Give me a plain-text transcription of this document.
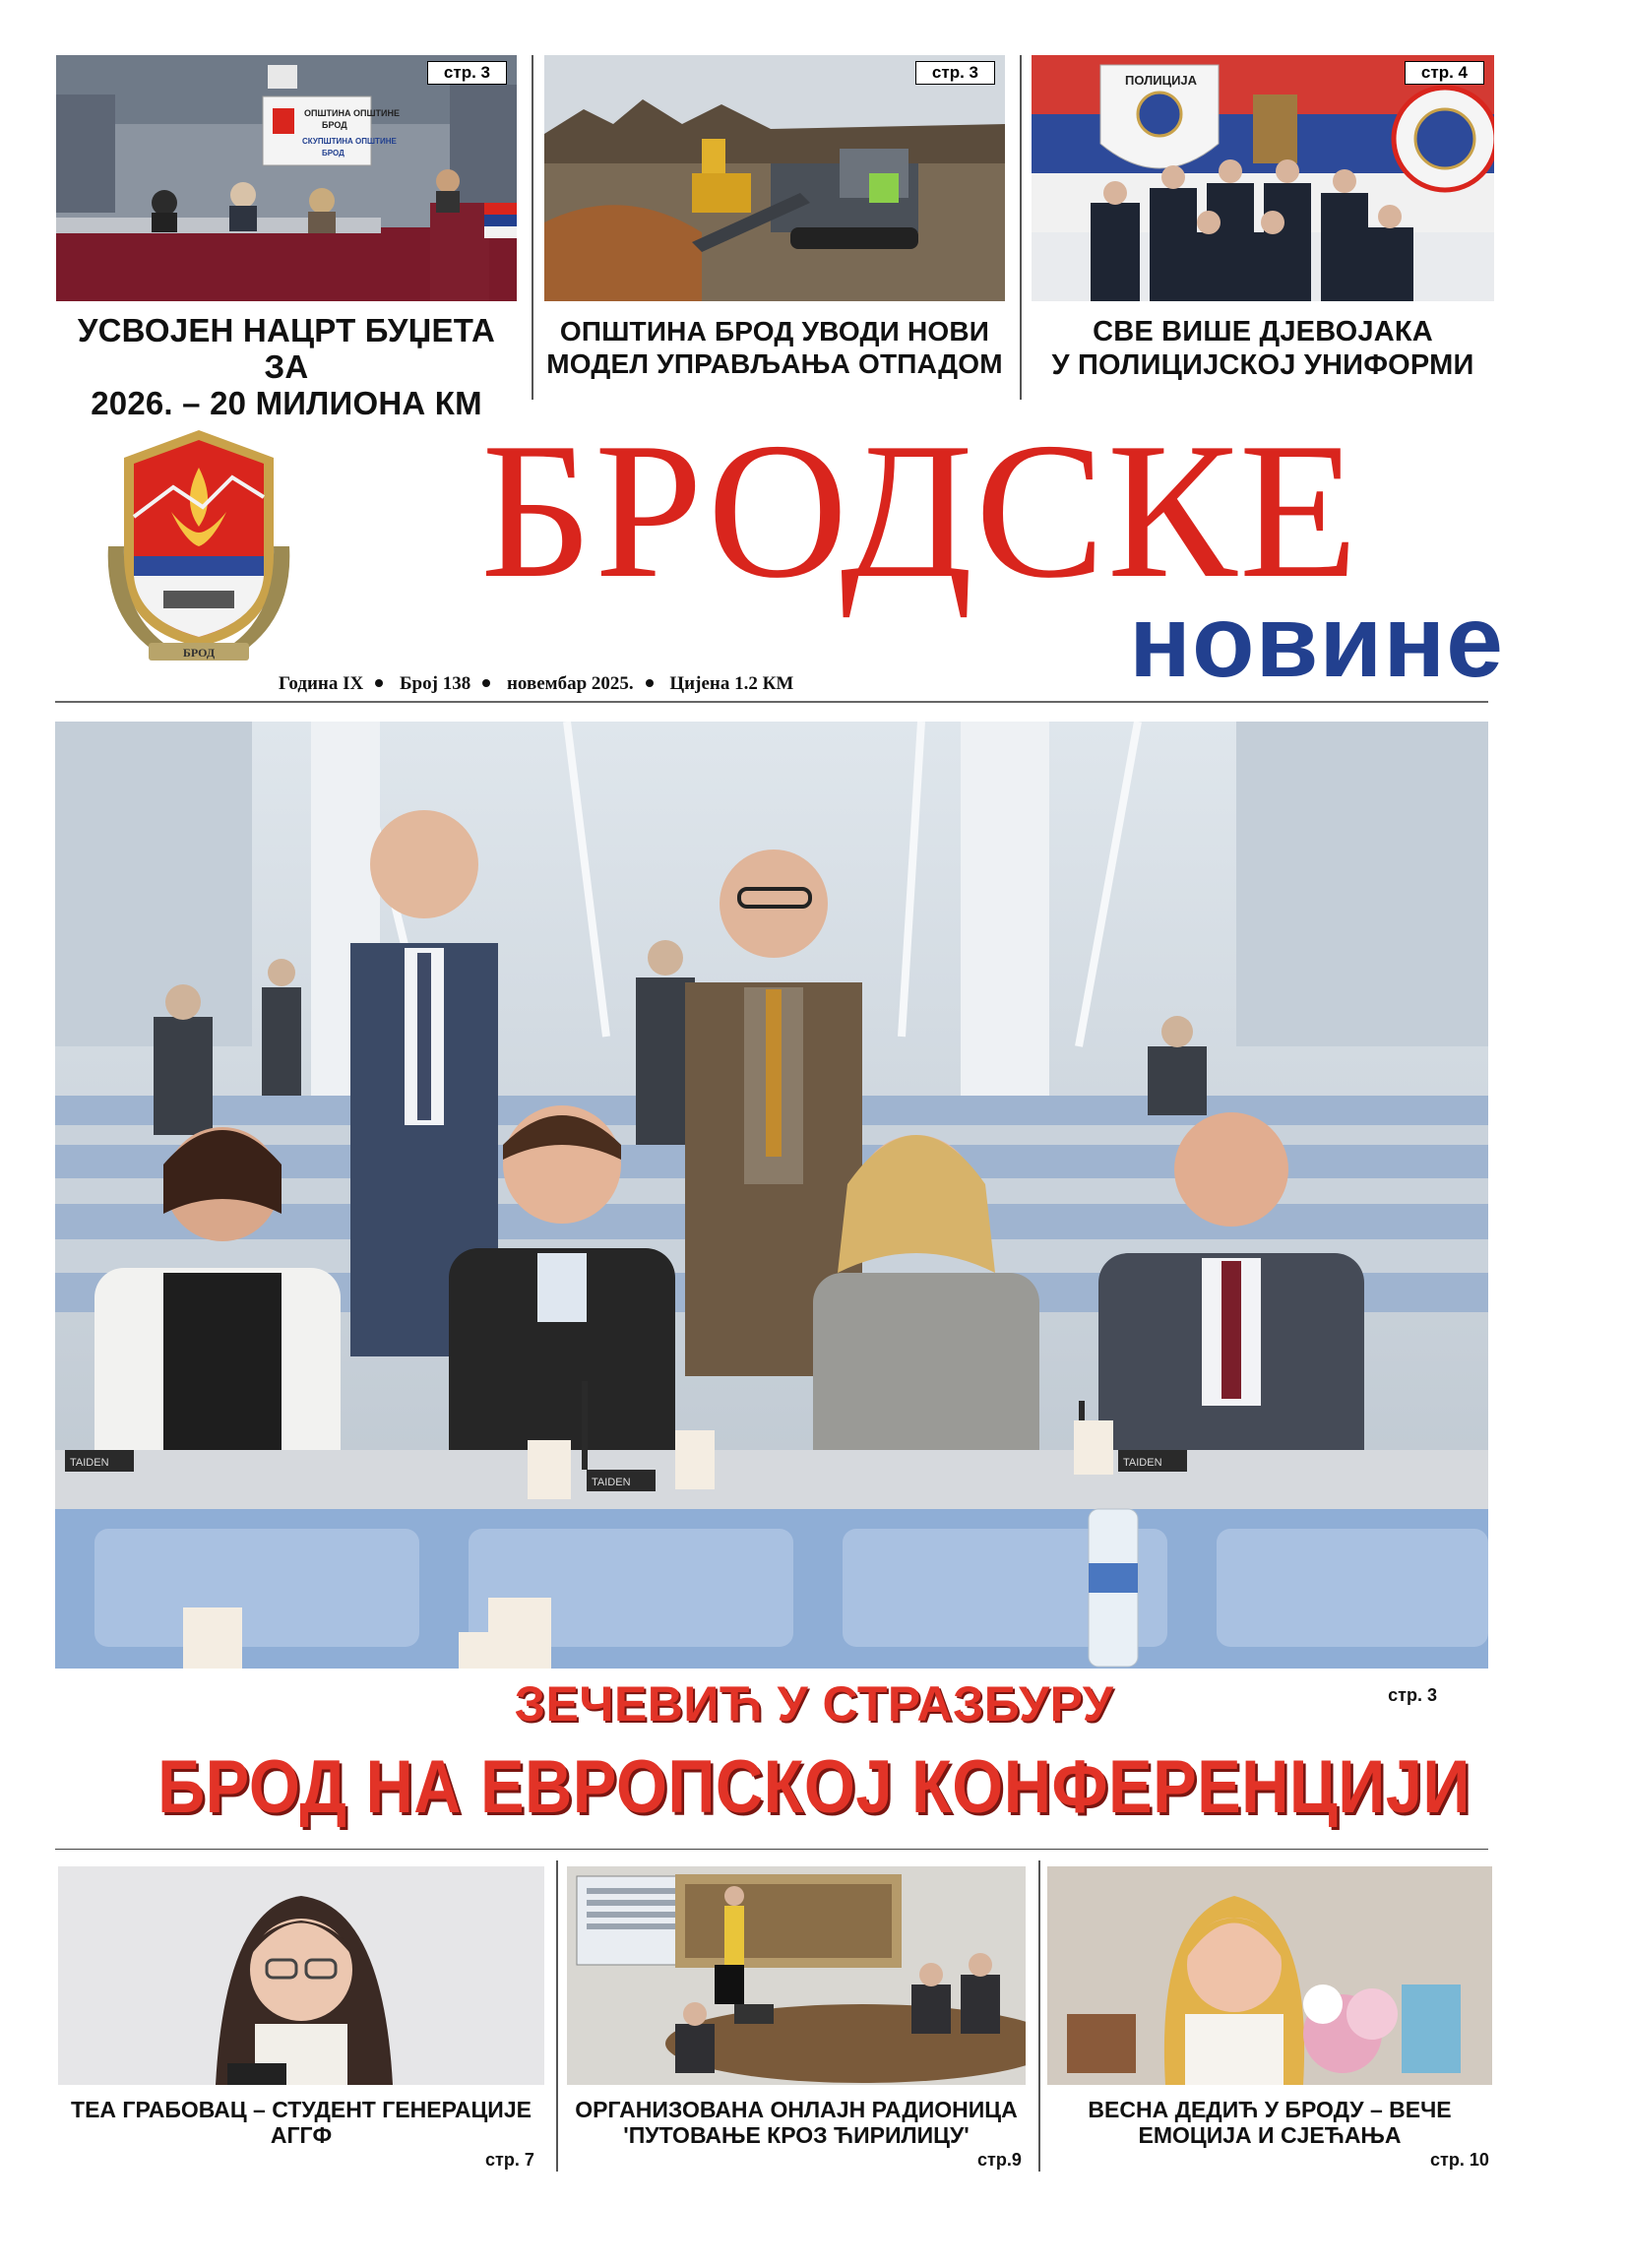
ОПШТИНА ОПШТИНЕ
БРОД
СКУПШТИНА ОПШТИНЕ
БРОД
стр. 3
УСВОЈЕН НАЦРТ БУЏЕТА ЗА
2026. – 20 МИЛИОНА КМ
стр. 3
ОПШТИНА БРОД УВОДИ НОВИ
МОДЕЛ УПРАВЉАЊА ОТПАДОМ
ПОЛИЦИЈА	стр. 4
СВЕ ВИШЕ ДЈЕВОЈАКА
У ПОЛИЦИЈСКОЈ УНИФОРМИ
БРОД
БРОДСКЕ
новине
Година IX Број 138 новембар 2025. Цијена 1.2 КМ
TAIDEN
TAIDEN
TAIDEN
ЗЕЧЕВИЋ У СТРАЗБУРУ	стр. 3
БРОД НА ЕВРОПСКОЈ КОНФЕРЕНЦИЈИ
ТЕА ГРАБОВАЦ – СТУДЕНТ ГЕНЕРАЦИЈЕ
АГГФ
стр. 7
ОРГАНИЗОВАНА ОНЛАЈН РАДИОНИЦА
'ПУТОВАЊЕ КРОЗ ЋИРИЛИЦУ'
стр.9
ВЕСНА ДЕДИЋ У БРОДУ – ВЕЧЕ
ЕМОЦИЈА И СЈЕЋАЊА
стр. 10
